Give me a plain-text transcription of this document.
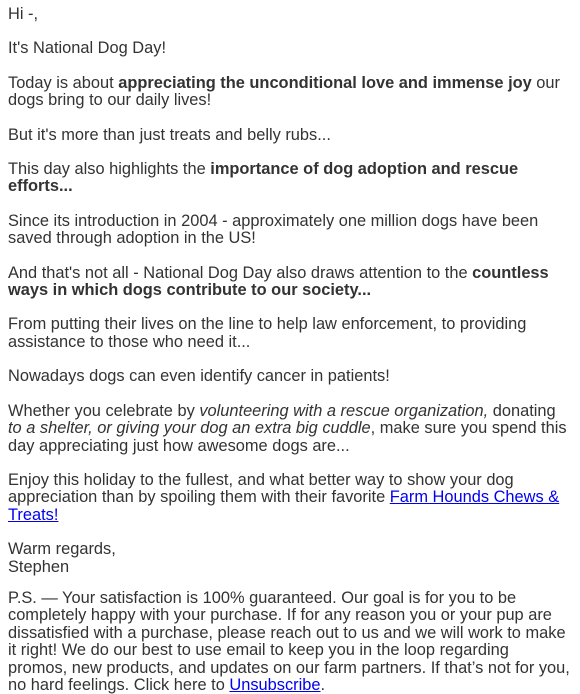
Hi -,

It's National Dog Day!

Today is about appreciating the unconditional love and immense joy our dogs bring to our daily lives!

But it's more than just treats and belly rubs...

This day also highlights the importance of dog adoption and rescue efforts...

Since its introduction in 2004 - approximately one million dogs have been saved through adoption in the US!

And that's not all - National Dog Day also draws attention to the countless ways in which dogs contribute to our society...

From putting their lives on the line to help law enforcement, to providing assistance to those who need it...

Nowadays dogs can even identify cancer in patients!

Whether you celebrate by volunteering with a rescue organization, donating to a shelter, or giving your dog an extra big cuddle, make sure you spend this day appreciating just how awesome dogs are...

Enjoy this holiday to the fullest, and what better way to show your dog appreciation than by spoiling them with their favorite Farm Hounds Chews & Treats!

Warm regards,
Stephen

P.S. — Your satisfaction is 100% guaranteed. Our goal is for you to be completely happy with your purchase. If for any reason you or your pup are dissatisfied with a purchase, please reach out to us and we will work to make it right! We do our best to use email to keep you in the loop regarding promos, new products, and updates on our farm partners. If that’s not for you, no hard feelings. Click here to Unsubscribe.
